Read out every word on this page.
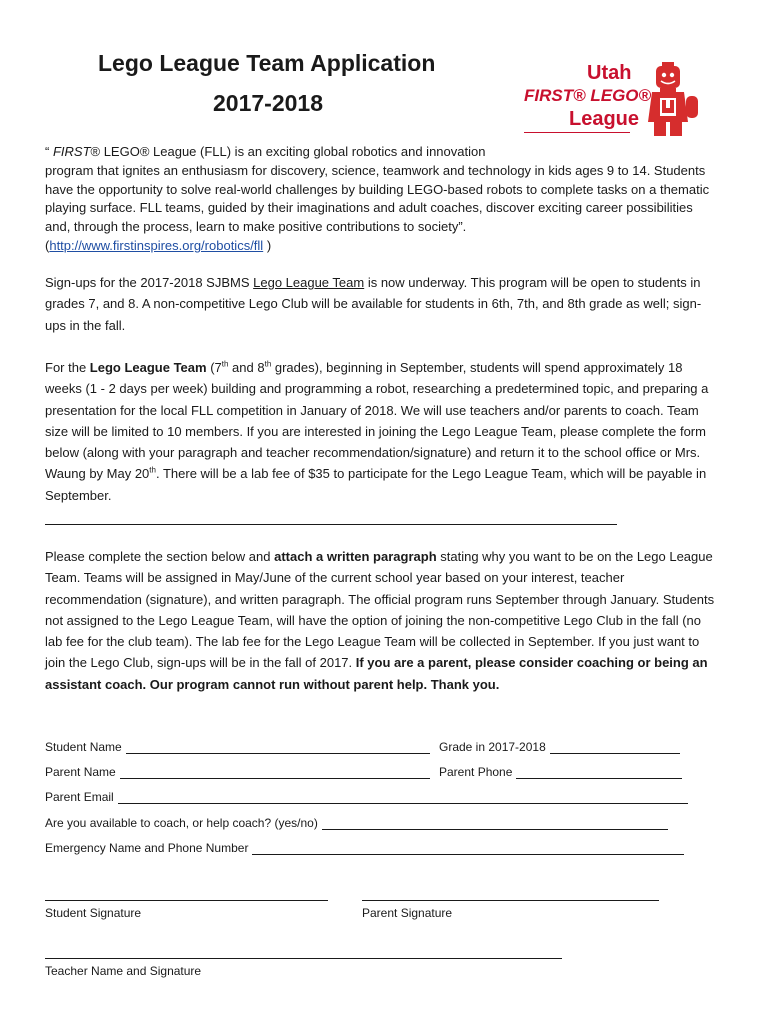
Lego League Team Application
2017-2018
Utah
FIRST® LEGO®
League

“ FIRST® LEGO® League (FLL) is an exciting global robotics and innovation
program that ignites an enthusiasm for discovery, science, teamwork and technology in kids ages 9 to 14. Students have the opportunity to solve real-world challenges by building LEGO-based robots to complete tasks on a thematic playing surface. FLL teams, guided by their imaginations and adult coaches, discover exciting career possibilities and, through the process, learn to make positive contributions to society”.
(http://www.firstinspires.org/robotics/fll )

Sign-ups for the 2017-2018 SJBMS Lego League Team is now underway. This program will be open to students in grades 7, and 8. A non-competitive Lego Club will be available for students in 6th, 7th, and 8th grade as well; sign-ups in the fall.

For the Lego League Team (7th and 8th grades), beginning in September, students will spend approximately 18 weeks (1 - 2 days per week) building and programming a robot, researching a predetermined topic, and preparing a presentation for the local FLL competition in January of 2018. We will use teachers and/or parents to coach. Team size will be limited to 10 members. If you are interested in joining the Lego League Team, please complete the form below (along with your paragraph and teacher recommendation/signature) and return it to the school office or Mrs. Waung by May 20th. There will be a lab fee of $35 to participate for the Lego League Team, which will be payable in September.

Please complete the section below and attach a written paragraph stating why you want to be on the Lego League Team. Teams will be assigned in May/June of the current school year based on your interest, teacher recommendation (signature), and written paragraph. The official program runs September through January. Students not assigned to the Lego League Team, will have the option of joining the non-competitive Lego Club in the fall (no lab fee for the club team). The lab fee for the Lego League Team will be collected in September. If you just want to join the Lego Club, sign-ups will be in the fall of 2017. If you are a parent, please consider coaching or being an assistant coach. Our program cannot run without parent help. Thank you.

Student Name	Grade in 2017-2018
Parent Name	Parent Phone
Parent Email
Are you available to coach, or help coach? (yes/no)
Emergency Name and Phone Number
Student Signature	Parent Signature
Teacher Name and Signature
